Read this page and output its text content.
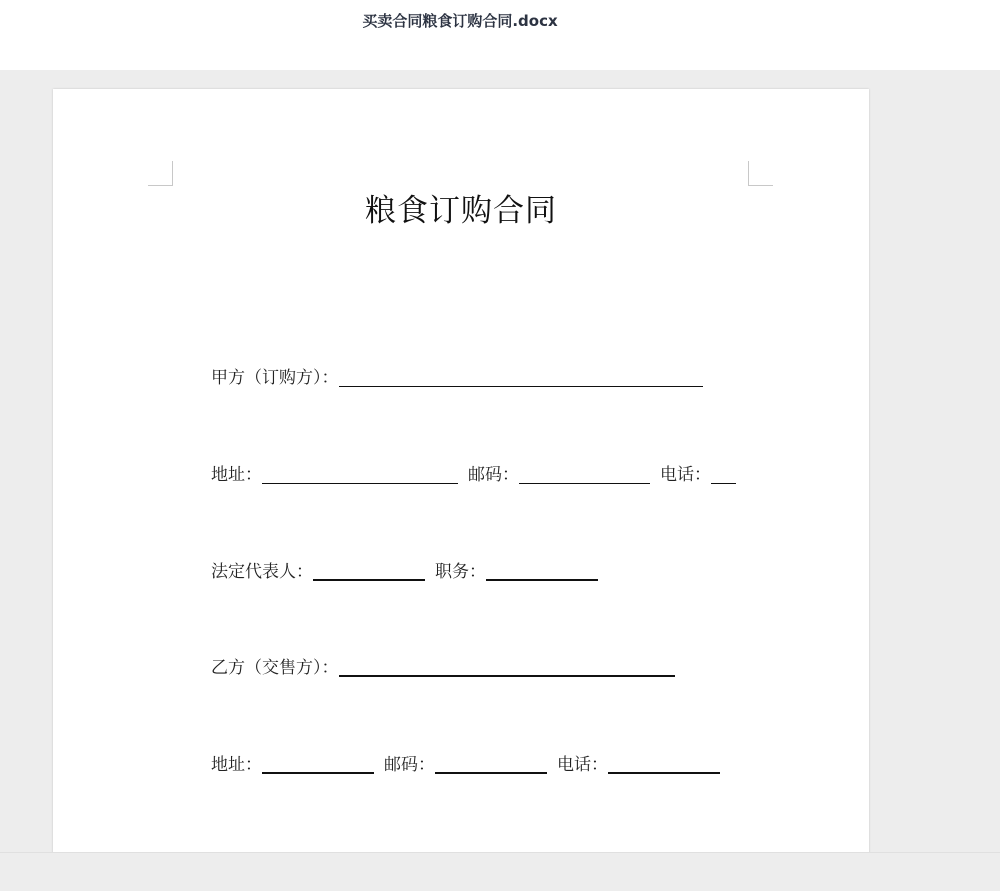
买卖合同粮食订购合同.docx
粮食订购合同
甲方（订购方）：
地址：	邮码：	电话：
法定代表人：	职务：
乙方（交售方）：
地址：	邮码：	电话：
